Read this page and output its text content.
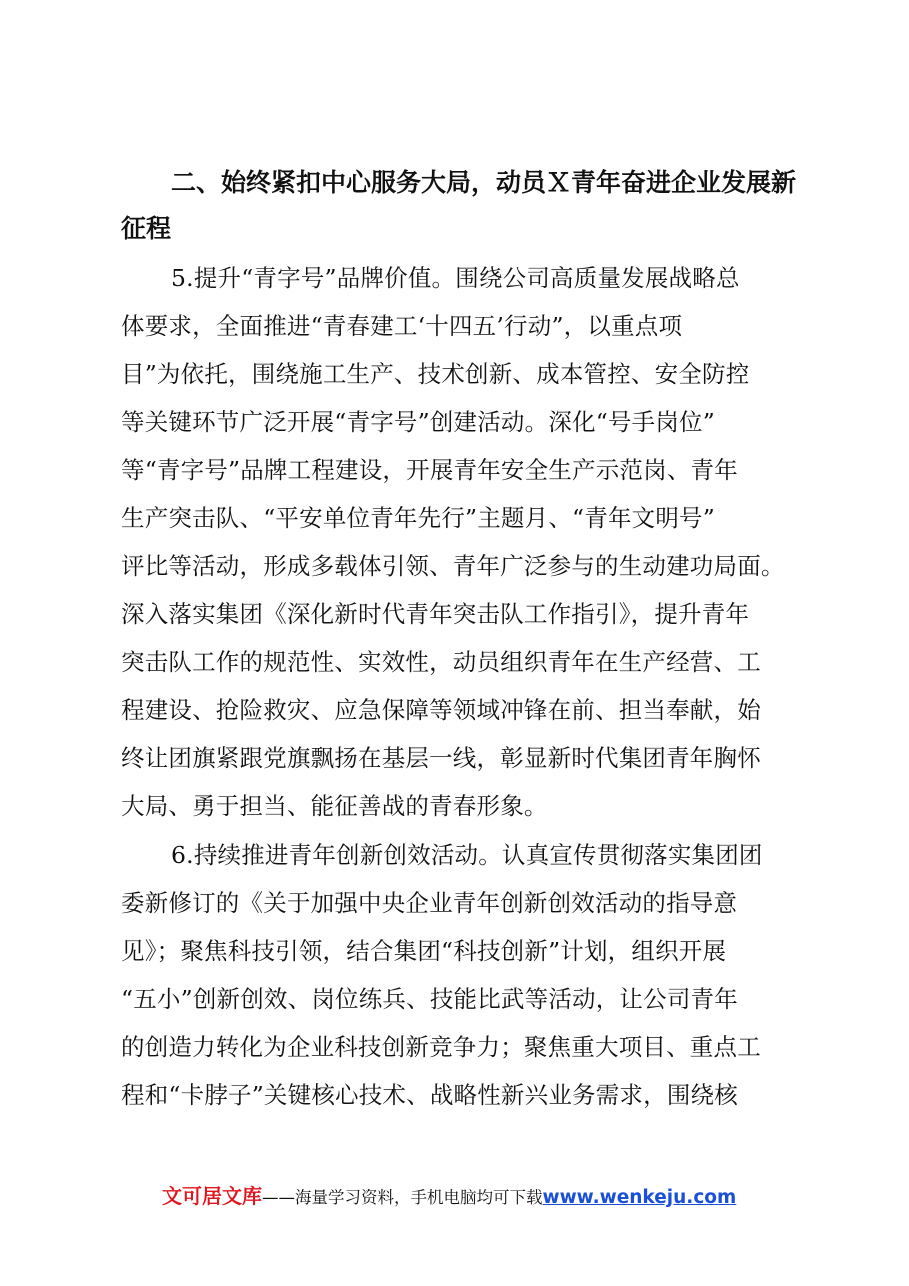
二、始终紧扣中心服务大局，动员Ｘ青年奋进企业发展新

征程

5.提升“青字号”品牌价值。围绕公司高质量发展战略总

体要求，全面推进“青春建工‘十四五’行动”，以重点项

目”为依托，围绕施工生产、技术创新、成本管控、安全防控

等关键环节广泛开展“青字号”创建活动。深化“号手岗位”

等“青字号”品牌工程建设，开展青年安全生产示范岗、青年

生产突击队、“平安单位青年先行”主题月、“青年文明号”

评比等活动，形成多载体引领、青年广泛参与的生动建功局面。

深入落实集团《深化新时代青年突击队工作指引》，提升青年

突击队工作的规范性、实效性，动员组织青年在生产经营、工

程建设、抢险救灾、应急保障等领域冲锋在前、担当奉献，始

终让团旗紧跟党旗飘扬在基层一线，彰显新时代集团青年胸怀

大局、勇于担当、能征善战的青春形象。

6.持续推进青年创新创效活动。认真宣传贯彻落实集团团

委新修订的《关于加强中央企业青年创新创效活动的指导意

见》；聚焦科技引领，结合集团“科技创新”计划，组织开展

“五小”创新创效、岗位练兵、技能比武等活动，让公司青年

的创造力转化为企业科技创新竞争力；聚焦重大项目、重点工

程和“卡脖子”关键核心技术、战略性新兴业务需求，围绕核

文可居文库——海量学习资料，手机电脑均可下载www.wenkeju.com
